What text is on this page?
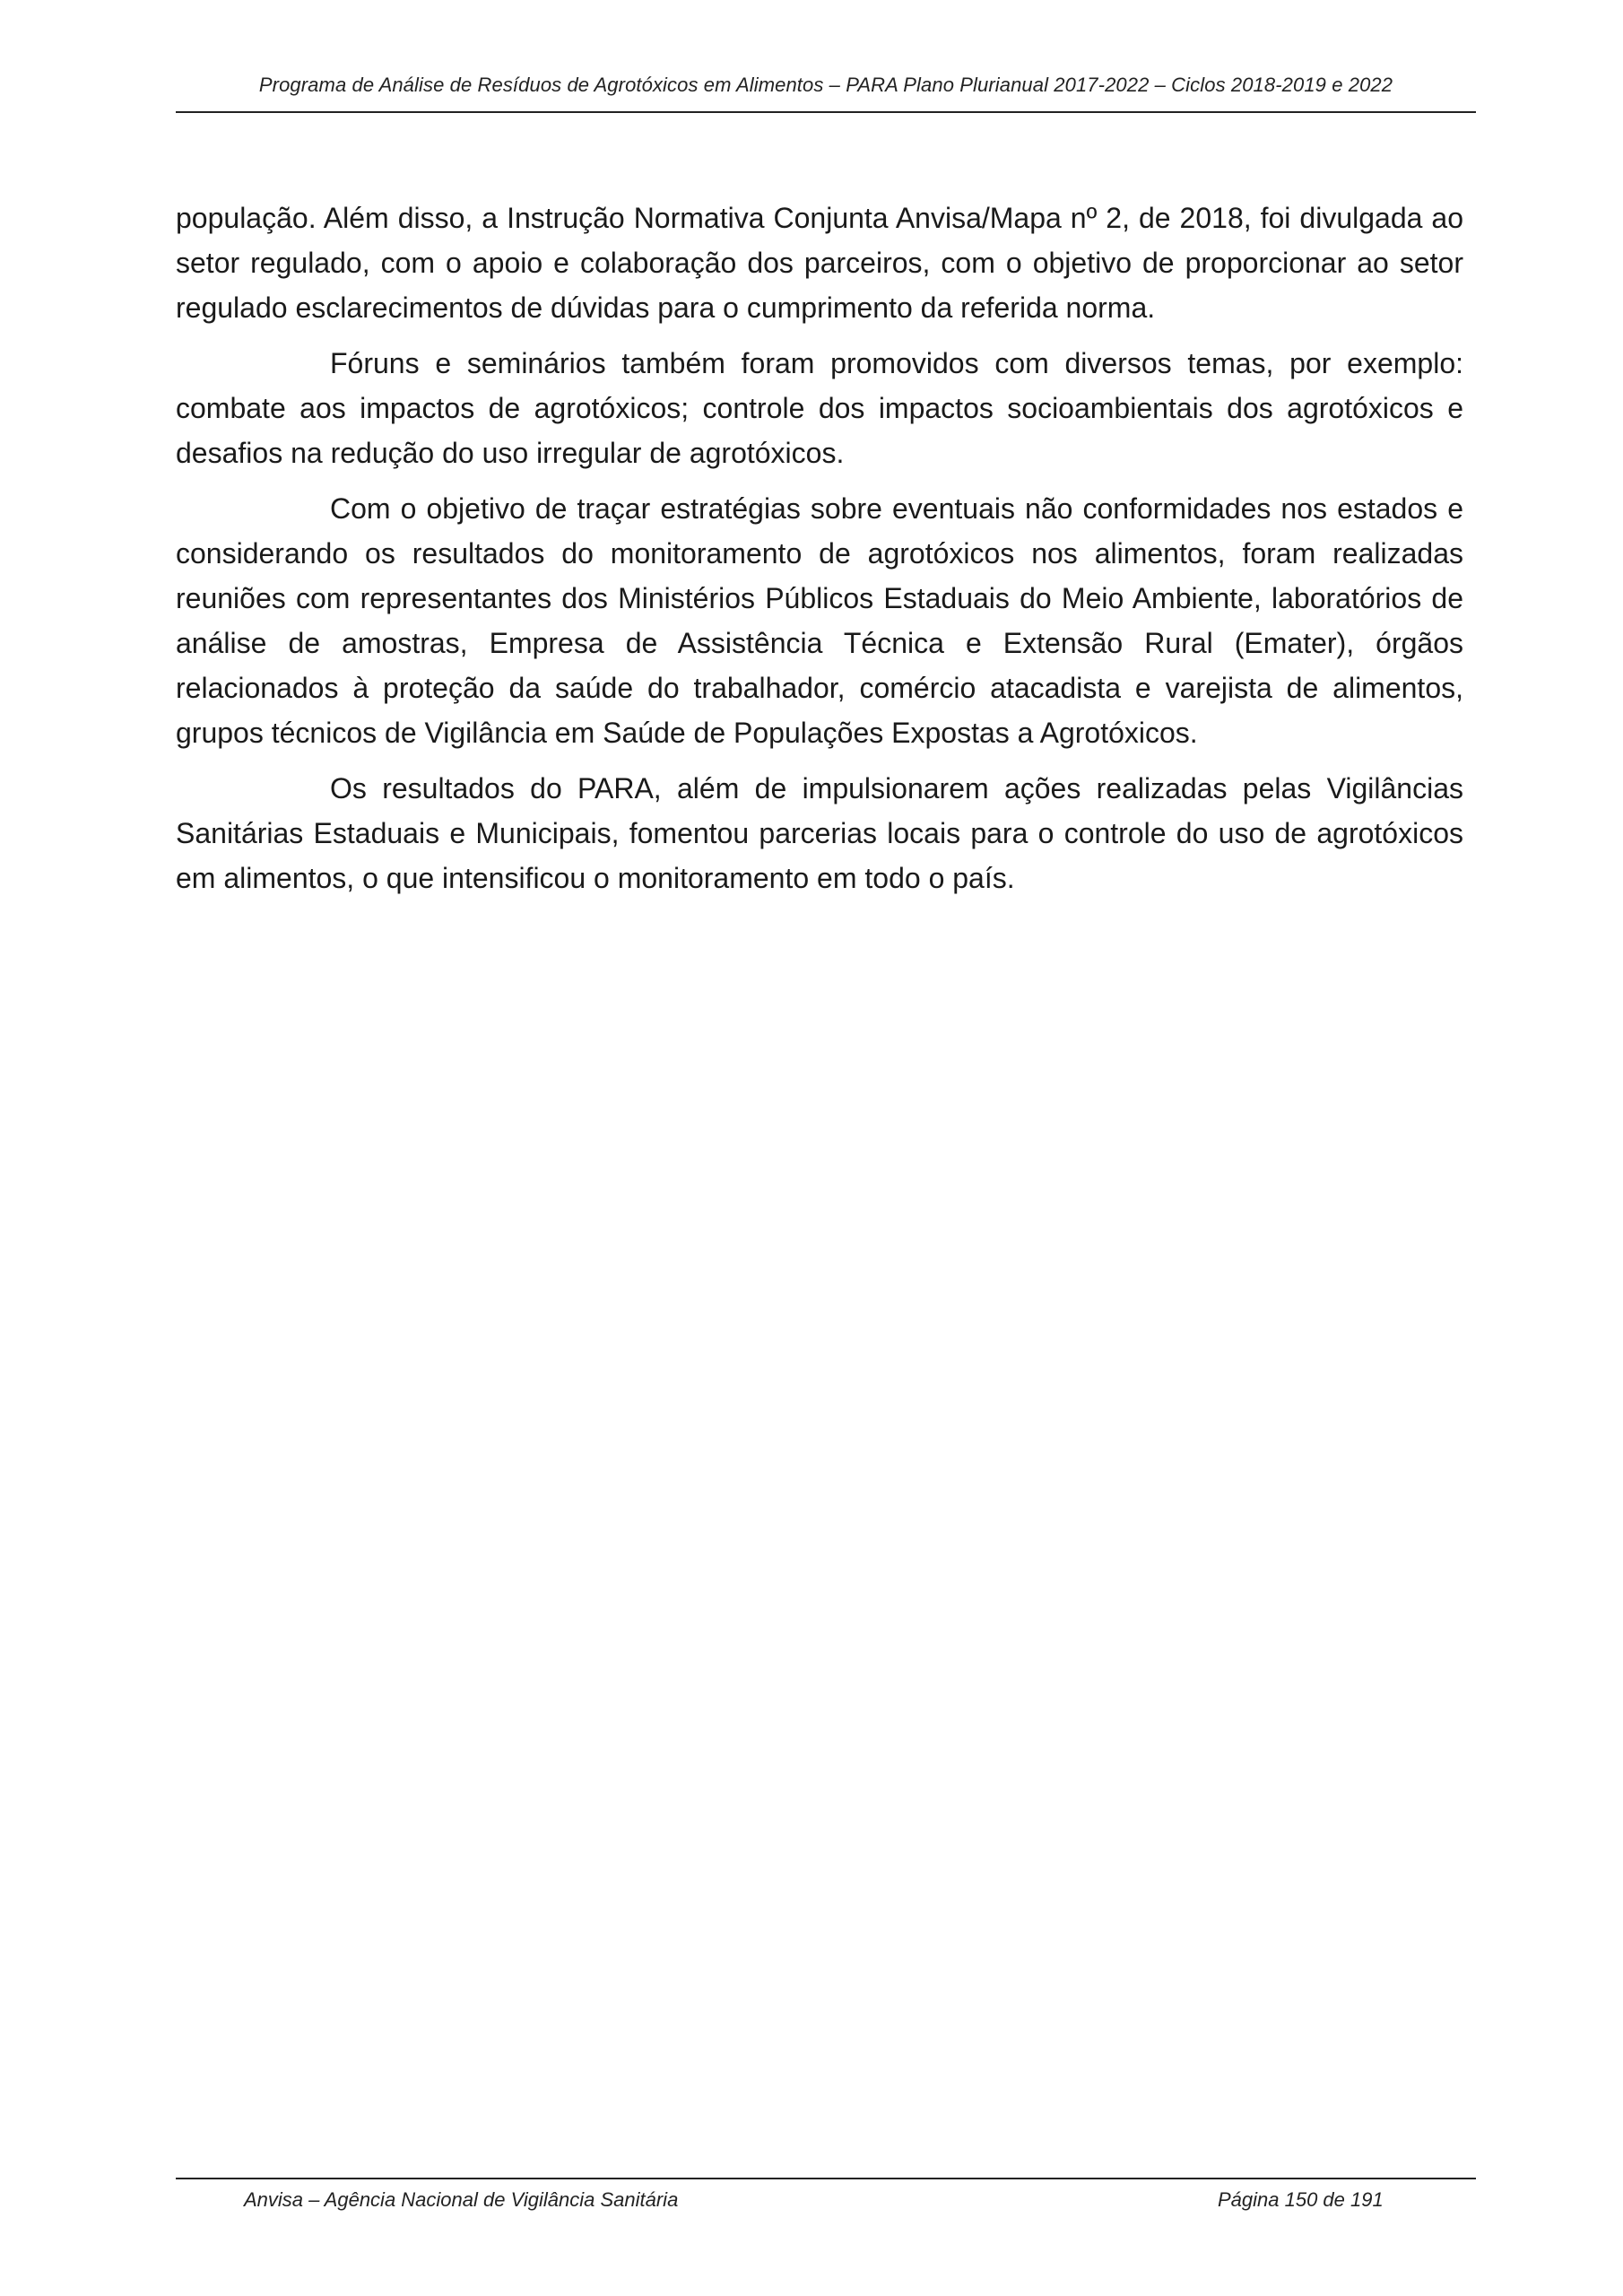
Programa de Análise de Resíduos de Agrotóxicos em Alimentos – PARA Plano Plurianual 2017-2022 – Ciclos 2018-2019 e 2022

população. Além disso, a Instrução Normativa Conjunta Anvisa/Mapa nº 2, de 2018, foi divulgada ao setor regulado, com o apoio e colaboração dos parceiros, com o objetivo de proporcionar ao setor regulado esclarecimentos de dúvidas para o cumprimento da referida norma.

Fóruns e seminários também foram promovidos com diversos temas, por exemplo: combate aos impactos de agrotóxicos; controle dos impactos socioambientais dos agrotóxicos e desafios na redução do uso irregular de agrotóxicos.

Com o objetivo de traçar estratégias sobre eventuais não conformidades nos estados e considerando os resultados do monitoramento de agrotóxicos nos alimentos, foram realizadas reuniões com representantes dos Ministérios Públicos Estaduais do Meio Ambiente, laboratórios de análise de amostras, Empresa de Assistência Técnica e Extensão Rural (Emater), órgãos relacionados à proteção da saúde do trabalhador, comércio atacadista e varejista de alimentos, grupos técnicos de Vigilância em Saúde de Populações Expostas a Agrotóxicos.

Os resultados do PARA, além de impulsionarem ações realizadas pelas Vigilâncias Sanitárias Estaduais e Municipais, fomentou parcerias locais para o controle do uso de agrotóxicos em alimentos, o que intensificou o monitoramento em todo o país.

Anvisa – Agência Nacional de Vigilância Sanitária	Página 150 de 191
